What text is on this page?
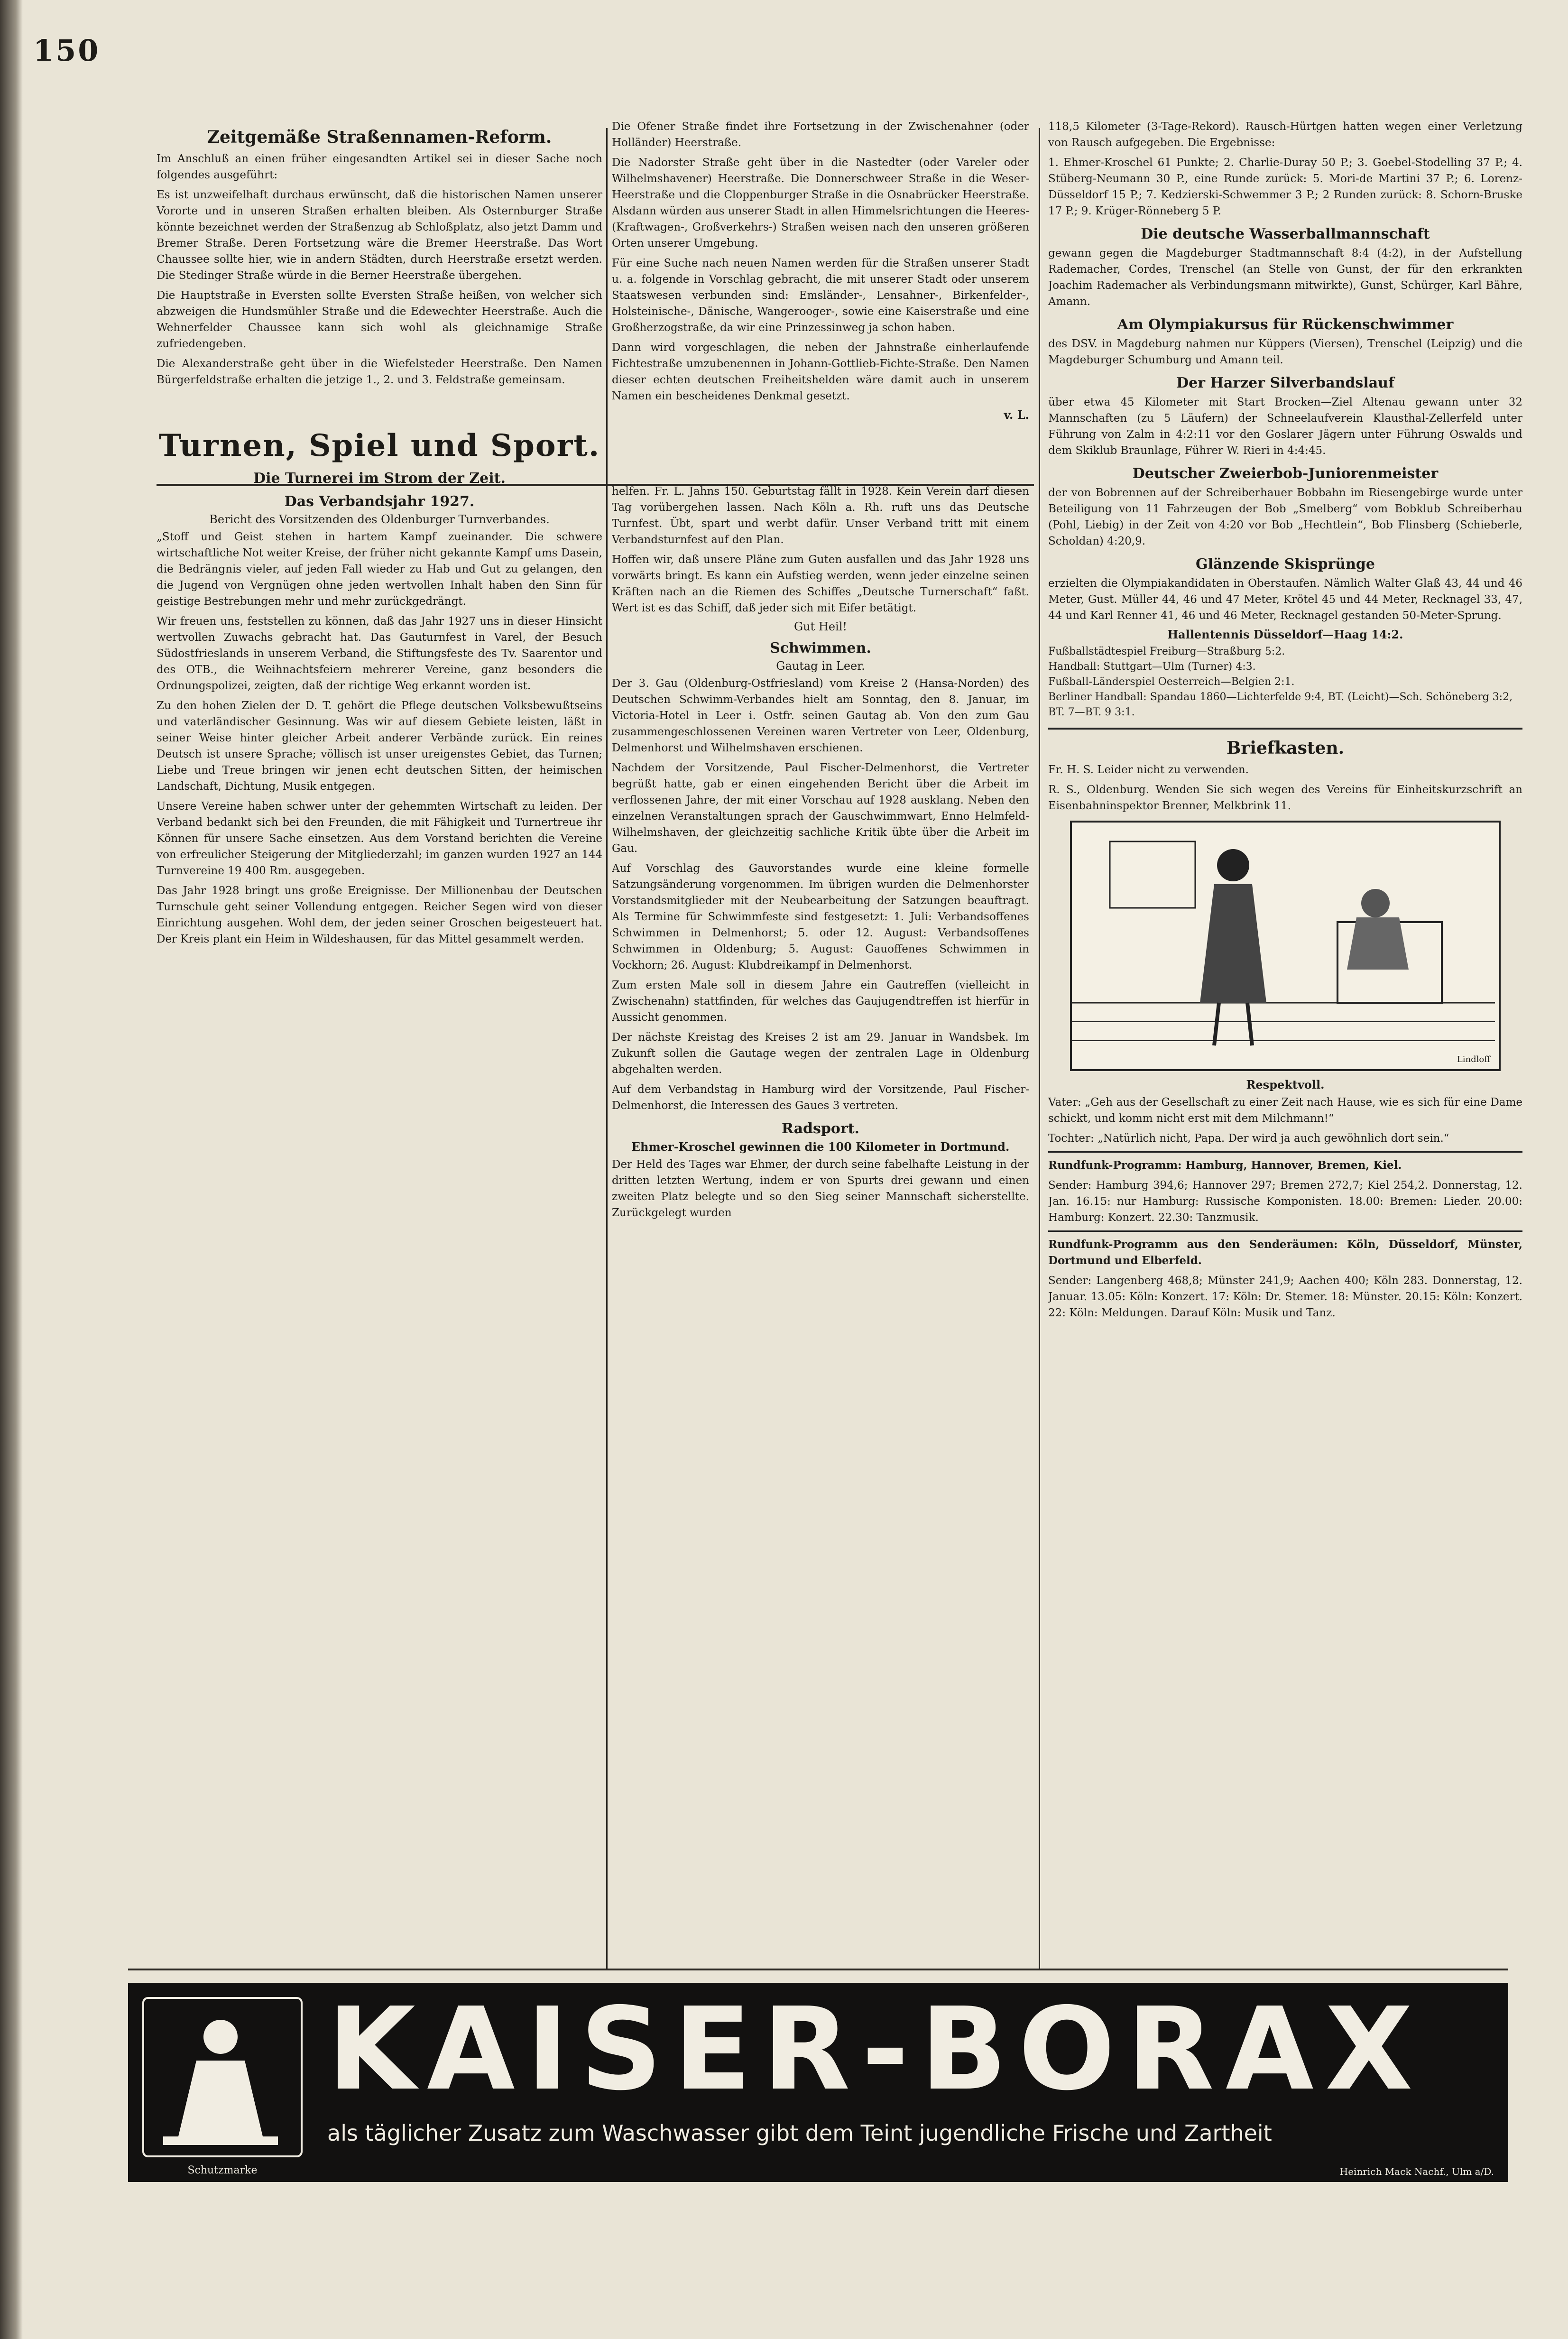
150
Zeitgemäße Straßennamen-Reform.

Im Anschluß an einen früher eingesandten Artikel sei in dieser Sache noch folgendes ausgeführt:

Es ist unzweifelhaft durchaus erwünscht, daß die historischen Namen unserer Vororte und in unseren Straßen erhalten bleiben. Als Osternburger Straße könnte bezeichnet werden der Straßenzug ab Schloßplatz, also jetzt Damm und Bremer Straße. Deren Fortsetzung wäre die Bremer Heerstraße. Das Wort Chaussee sollte hier, wie in andern Städten, durch Heerstraße ersetzt werden. Die Stedinger Straße würde in die Berner Heerstraße übergehen.

Die Hauptstraße in Eversten sollte Eversten Straße heißen, von welcher sich abzweigen die Hundsmühler Straße und die Edewechter Heerstraße. Auch die Wehnerfelder Chaussee kann sich wohl als gleichnamige Straße zufriedengeben.

Die Alexanderstraße geht über in die Wiefelsteder Heerstraße. Den Namen Bürgerfeldstraße erhalten die jetzige 1., 2. und 3. Feldstraße gemeinsam.

Turnen, Spiel und Sport.
Die Turnerei im Strom der Zeit.
Das Verbandsjahr 1927.
Bericht des Vorsitzenden des Oldenburger Turnverbandes.

„Stoff und Geist stehen in hartem Kampf zueinander. Die schwere wirtschaftliche Not weiter Kreise, der früher nicht gekannte Kampf ums Dasein, die Bedrängnis vieler, auf jeden Fall wieder zu Hab und Gut zu gelangen, den die Jugend von Vergnügen ohne jeden wertvollen Inhalt haben den Sinn für geistige Bestrebungen mehr und mehr zurückgedrängt.

Wir freuen uns, feststellen zu können, daß das Jahr 1927 uns in dieser Hinsicht wertvollen Zuwachs gebracht hat. Das Gauturnfest in Varel, der Besuch Südostfrieslands in unserem Verband, die Stiftungsfeste des Tv. Saarentor und des OTB., die Weihnachtsfeiern mehrerer Vereine, ganz besonders die Ordnungspolizei, zeigten, daß der richtige Weg erkannt worden ist.

Zu den hohen Zielen der D. T. gehört die Pflege deutschen Volksbewußtseins und vaterländischer Gesinnung. Was wir auf diesem Gebiete leisten, läßt in seiner Weise hinter gleicher Arbeit anderer Verbände zurück. Ein reines Deutsch ist unsere Sprache; völlisch ist unser ureigenstes Gebiet, das Turnen; Liebe und Treue bringen wir jenen echt deutschen Sitten, der heimischen Landschaft, Dichtung, Musik entgegen.

Unsere Vereine haben schwer unter der gehemmten Wirtschaft zu leiden. Der Verband bedankt sich bei den Freunden, die mit Fähigkeit und Turnertreue ihr Können für unsere Sache einsetzen. Aus dem Vorstand berichten die Vereine von erfreulicher Steigerung der Mitgliederzahl; im ganzen wurden 1927 an 144 Turnvereine 19 400 Rm. ausgegeben.

Das Jahr 1928 bringt uns große Ereignisse. Der Millionenbau der Deutschen Turnschule geht seiner Vollendung entgegen. Reicher Segen wird von dieser Einrichtung ausgehen. Wohl dem, der jeden seiner Groschen beigesteuert hat. Der Kreis plant ein Heim in Wildeshausen, für das Mittel gesammelt werden.

Die Ofener Straße findet ihre Fortsetzung in der Zwischenahner (oder Holländer) Heerstraße.

Die Nadorster Straße geht über in die Nastedter (oder Vareler oder Wilhelmshavener) Heerstraße. Die Donnerschweer Straße in die Weser-Heerstraße und die Cloppenburger Straße in die Osnabrücker Heerstraße. Alsdann würden aus unserer Stadt in allen Himmelsrichtungen die Heeres-(Kraftwagen-, Großverkehrs-) Straßen weisen nach den unseren größeren Orten unserer Umgebung.

Für eine Suche nach neuen Namen werden für die Straßen unserer Stadt u. a. folgende in Vorschlag gebracht, die mit unserer Stadt oder unserem Staatswesen verbunden sind: Emsländer-, Lensahner-, Birkenfelder-, Holsteinische-, Dänische, Wangerooger-, sowie eine Kaiserstraße und eine Großherzogstraße, da wir eine Prinzessinweg ja schon haben.

Dann wird vorgeschlagen, die neben der Jahnstraße einherlaufende Fichtestraße umzubenennen in Johann-Gottlieb-Fichte-Straße. Den Namen dieser echten deutschen Freiheitshelden wäre damit auch in unserem Namen ein bescheidenes Denkmal gesetzt.

v. L.

helfen. Fr. L. Jahns 150. Geburtstag fällt in 1928. Kein Verein darf diesen Tag vorübergehen lassen. Nach Köln a. Rh. ruft uns das Deutsche Turnfest. Übt, spart und werbt dafür. Unser Verband tritt mit einem Verbandsturnfest auf den Plan.

Hoffen wir, daß unsere Pläne zum Guten ausfallen und das Jahr 1928 uns vorwärts bringt. Es kann ein Aufstieg werden, wenn jeder einzelne seinen Kräften nach an die Riemen des Schiffes „Deutsche Turnerschaft“ faßt. Wert ist es das Schiff, daß jeder sich mit Eifer betätigt.

Gut Heil!
Schwimmen.
Gautag in Leer.

Der 3. Gau (Oldenburg-Ostfriesland) vom Kreise 2 (Hansa-Norden) des Deutschen Schwimm-Verbandes hielt am Sonntag, den 8. Januar, im Victoria-Hotel in Leer i. Ostfr. seinen Gautag ab. Von den zum Gau zusammengeschlossenen Vereinen waren Vertreter von Leer, Oldenburg, Delmenhorst und Wilhelmshaven erschienen.

Nachdem der Vorsitzende, Paul Fischer-Delmenhorst, die Vertreter begrüßt hatte, gab er einen eingehenden Bericht über die Arbeit im verflossenen Jahre, der mit einer Vorschau auf 1928 ausklang. Neben den einzelnen Veranstaltungen sprach der Gauschwimmwart, Enno Helmfeld-Wilhelmshaven, der gleichzeitig sachliche Kritik übte über die Arbeit im Gau.

Auf Vorschlag des Gauvorstandes wurde eine kleine formelle Satzungsänderung vorgenommen. Im übrigen wurden die Delmenhorster Vorstandsmitglieder mit der Neubearbeitung der Satzungen beauftragt. Als Termine für Schwimmfeste sind festgesetzt: 1. Juli: Verbandsoffenes Schwimmen in Delmenhorst; 5. oder 12. August: Verbandsoffenes Schwimmen in Oldenburg; 5. August: Gauoffenes Schwimmen in Vockhorn; 26. August: Klubdreikampf in Delmenhorst.

Zum ersten Male soll in diesem Jahre ein Gautreffen (vielleicht in Zwischenahn) stattfinden, für welches das Gaujugendtreffen ist hierfür in Aussicht genommen.

Der nächste Kreistag des Kreises 2 ist am 29. Januar in Wandsbek. Im Zukunft sollen die Gautage wegen der zentralen Lage in Oldenburg abgehalten werden.

Auf dem Verbandstag in Hamburg wird der Vorsitzende, Paul Fischer-Delmenhorst, die Interessen des Gaues 3 vertreten.

Radsport.
Ehmer-Kroschel gewinnen die 100 Kilometer in Dortmund.

Der Held des Tages war Ehmer, der durch seine fabelhafte Leistung in der dritten letzten Wertung, indem er von Spurts drei gewann und einen zweiten Platz belegte und so den Sieg seiner Mannschaft sicherstellte. Zurückgelegt wurden

118,5 Kilometer (3-Tage-Rekord). Rausch-Hürtgen hatten wegen einer Verletzung von Rausch aufgegeben. Die Ergebnisse:

1. Ehmer-Kroschel 61 Punkte; 2. Charlie-Duray 50 P.; 3. Goebel-Stodelling 37 P.; 4. Stüberg-Neumann 30 P., eine Runde zurück: 5. Mori-de Martini 37 P.; 6. Lorenz-Düsseldorf 15 P.; 7. Kedzierski-Schwemmer 3 P.; 2 Runden zurück: 8. Schorn-Bruske 17 P.; 9. Krüger-Rönneberg 5 P.

Die deutsche Wasserballmannschaft

gewann gegen die Magdeburger Stadtmannschaft 8:4 (4:2), in der Aufstellung Rademacher, Cordes, Trenschel (an Stelle von Gunst, der für den erkrankten Joachim Rademacher als Verbindungsmann mitwirkte), Gunst, Schürger, Karl Bähre, Amann.

Am Olympiakursus für Rückenschwimmer

des DSV. in Magdeburg nahmen nur Küppers (Viersen), Trenschel (Leipzig) und die Magdeburger Schumburg und Amann teil.

Der Harzer Silverbandslauf

über etwa 45 Kilometer mit Start Brocken—Ziel Altenau gewann unter 32 Mannschaften (zu 5 Läufern) der Schneelaufverein Klausthal-Zellerfeld unter Führung von Zalm in 4:2:11 vor den Goslarer Jägern unter Führung Oswalds und dem Skiklub Braunlage, Führer W. Rieri in 4:4:45.

Deutscher Zweierbob-Juniorenmeister

der von Bobrennen auf der Schreiberhauer Bobbahn im Riesengebirge wurde unter Beteiligung von 11 Fahrzeugen der Bob „Smelberg“ vom Bobklub Schreiberhau (Pohl, Liebig) in der Zeit von 4:20 vor Bob „Hechtlein“, Bob Flinsberg (Schieberle, Scholdan) 4:20,9.

Glänzende Skisprünge

erzielten die Olympiakandidaten in Oberstaufen. Nämlich Walter Glaß 43, 44 und 46 Meter, Gust. Müller 44, 46 und 47 Meter, Krötel 45 und 44 Meter, Recknagel 33, 47, 44 und Karl Renner 41, 46 und 46 Meter, Recknagel gestanden 50-Meter-Sprung.

Hallentennis Düsseldorf—Haag 14:2.

Fußballstädtespiel Freiburg—Straßburg 5:2.

Handball: Stuttgart—Ulm (Turner) 4:3.

Fußball-Länderspiel Oesterreich—Belgien 2:1.

Berliner Handball: Spandau 1860—Lichterfelde 9:4, BT. (Leicht)—Sch. Schöneberg 3:2, BT. 7—BT. 9 3:1.

Briefkasten.

Fr. H. S. Leider nicht zu verwenden.

R. S., Oldenburg. Wenden Sie sich wegen des Vereins für Einheitskurzschrift an Eisenbahninspektor Brenner, Melkbrink 11.

Lindloff
Respektvoll.

Vater: „Geh aus der Gesellschaft zu einer Zeit nach Hause, wie es sich für eine Dame schickt, und komm nicht erst mit dem Milchmann!“

Tochter: „Natürlich nicht, Papa. Der wird ja auch gewöhnlich dort sein.“

Rundfunk-Programm: Hamburg, Hannover, Bremen, Kiel.

Sender: Hamburg 394,6; Hannover 297; Bremen 272,7; Kiel 254,2. Donnerstag, 12. Jan. 16.15: nur Hamburg: Russische Komponisten. 18.00: Bremen: Lieder. 20.00: Hamburg: Konzert. 22.30: Tanzmusik.

Rundfunk-Programm aus den Senderäumen: Köln, Düsseldorf, Münster, Dortmund und Elberfeld.

Sender: Langenberg 468,8; Münster 241,9; Aachen 400; Köln 283. Donnerstag, 12. Januar. 13.05: Köln: Konzert. 17: Köln: Dr. Stemer. 18: Münster. 20.15: Köln: Konzert. 22: Köln: Meldungen. Darauf Köln: Musik und Tanz.

Schutzmarke
KAISER-BORAX
als täglicher Zusatz zum Waschwasser gibt dem Teint jugendliche Frische und Zartheit
Heinrich Mack Nachf., Ulm a/D.
